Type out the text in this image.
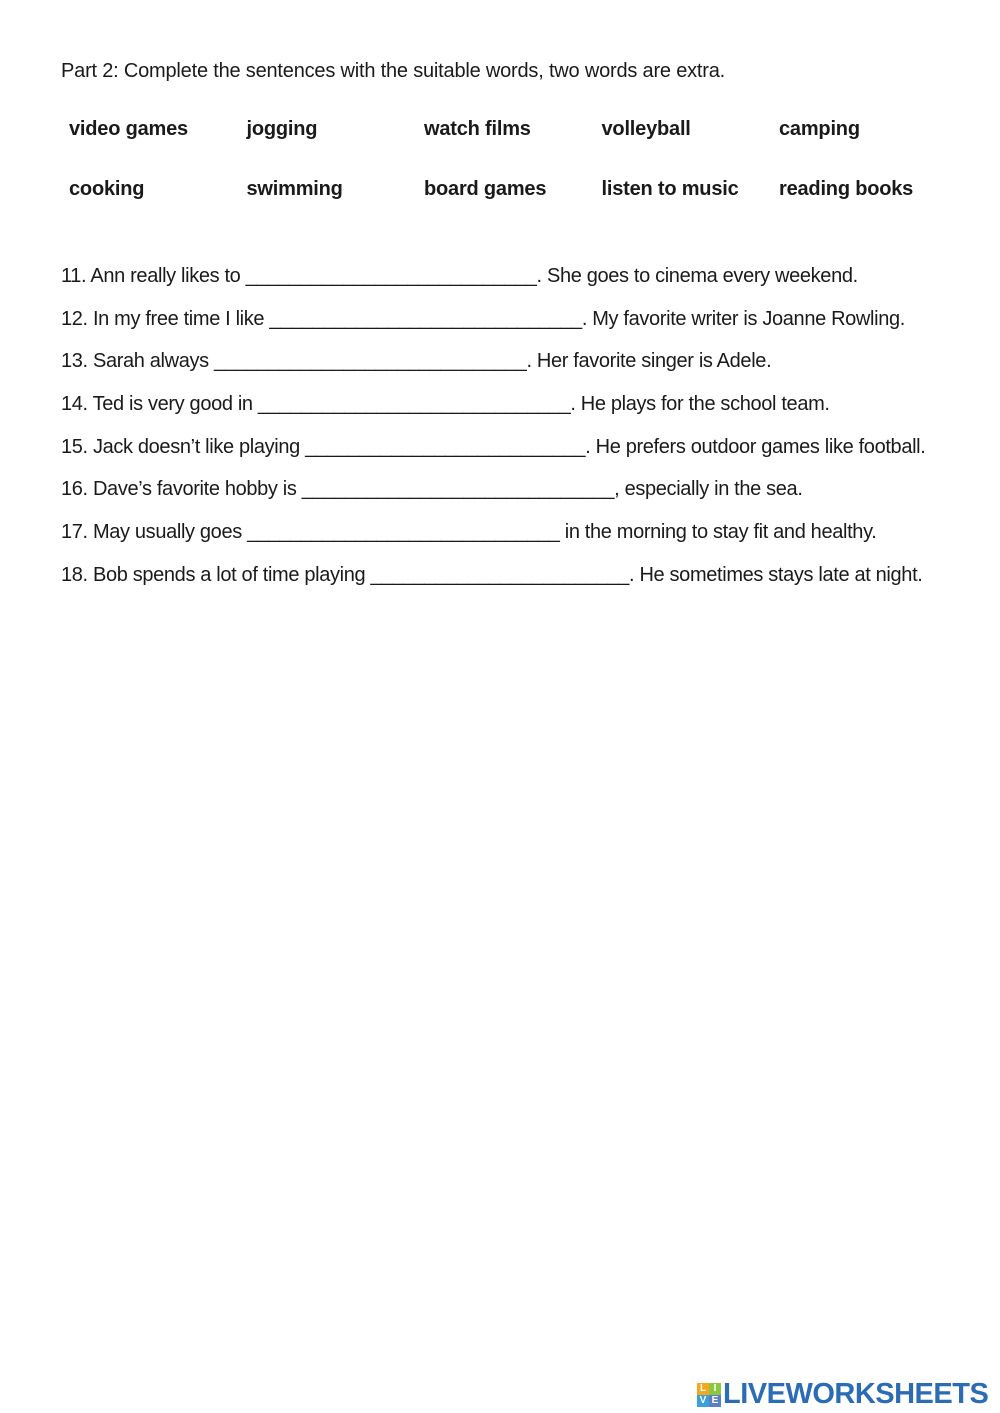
Part 2: Complete the sentences with the suitable words, two words are extra.
video games	jogging	watch films	volleyball	camping
cooking	swimming	board games	listen to music	reading books
11. Ann really likes to ___________________________. She goes to cinema every weekend.
12. In my free time I like _____________________________. My favorite writer is Joanne Rowling.
13. Sarah always _____________________________. Her favorite singer is Adele.
14. Ted is very good in _____________________________. He plays for the school team.
15. Jack doesn’t like playing __________________________. He prefers outdoor games like football.
16. Dave’s favorite hobby is _____________________________, especially in the sea.
17. May usually goes _____________________________ in the morning to stay fit and healthy.
18. Bob spends a lot of time playing ________________________. He sometimes stays late at night.
L I
V E LIVEWORKSHEETS
